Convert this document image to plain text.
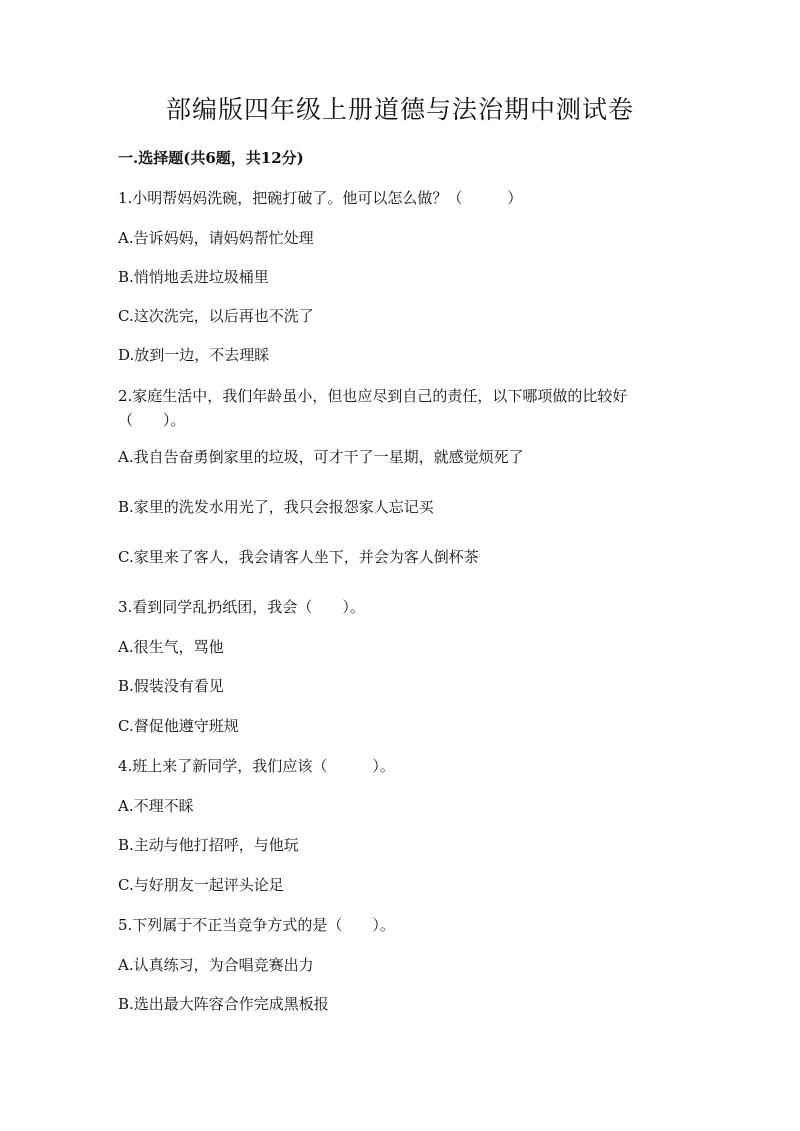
部编版四年级上册道德与法治期中测试卷
一.选择题(共6题，共12分)
1.小明帮妈妈洗碗，把碗打破了。他可以怎么做？（　　　）
A.告诉妈妈，请妈妈帮忙处理
B.悄悄地丢进垃圾桶里
C.这次洗完，以后再也不洗了
D.放到一边，不去理睬
2.家庭生活中，我们年龄虽小，但也应尽到自己的责任，以下哪项做的比较好（　　）。
A.我自告奋勇倒家里的垃圾，可才干了一星期，就感觉烦死了
B.家里的洗发水用光了，我只会报怨家人忘记买
C.家里来了客人，我会请客人坐下，并会为客人倒杯茶
3.看到同学乱扔纸团，我会（　　）。
A.很生气，骂他
B.假装没有看见
C.督促他遵守班规
4.班上来了新同学，我们应该（　　　）。
A.不理不睬
B.主动与他打招呼，与他玩
C.与好朋友一起评头论足
5.下列属于不正当竞争方式的是（　　）。
A.认真练习，为合唱竞赛出力
B.选出最大阵容合作完成黑板报
